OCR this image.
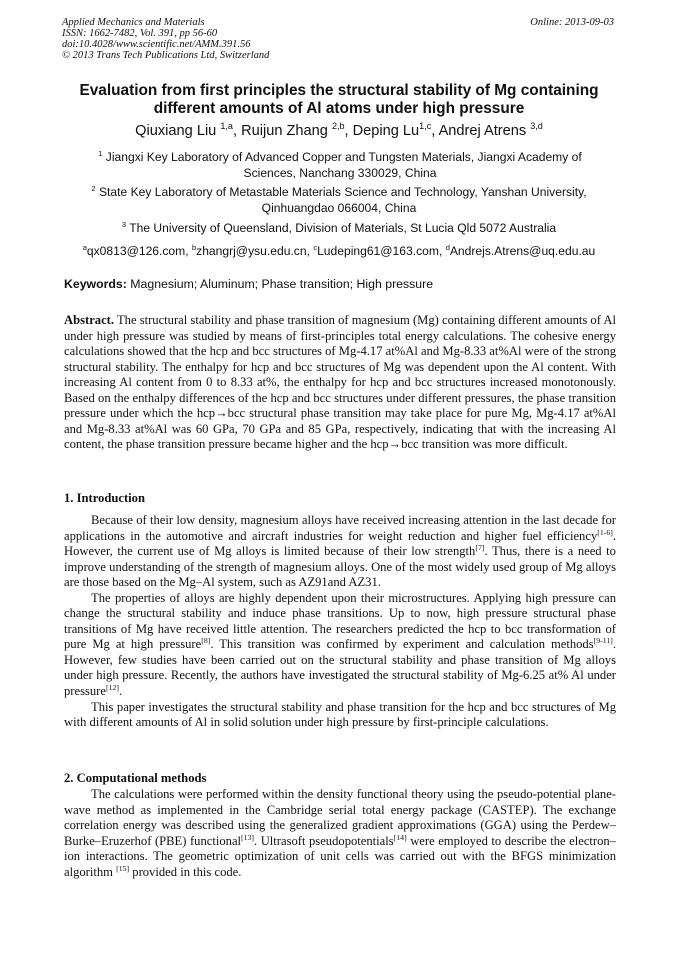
Applied Mechanics and Materials
ISSN: 1662-7482, Vol. 391, pp 56-60
doi:10.4028/www.scientific.net/AMM.391.56
© 2013 Trans Tech Publications Ltd, Switzerland
Online: 2013-09-03
Evaluation from first principles the structural stability of Mg containing different amounts of Al atoms under high pressure
Qiuxiang Liu $^{1,a}$, Ruijun Zhang $^{2,b}$, Deping Lu$^{1,c}$, Andrej Atrens $^{3,d}$
$^1$ Jiangxi Key Laboratory of Advanced Copper and Tungsten Materials, Jiangxi Academy of Sciences, Nanchang 330029, China
$^2$ State Key Laboratory of Metastable Materials Science and Technology, Yanshan University, Qinhuangdao 066004, China
$^3$ The University of Queensland, Division of Materials, St Lucia Qld 5072 Australia
$^a$qx0813@126.com, $^b$zhangrj@ysu.edu.cn, $^c$Ludeping61@163.com, $^d$Andrejs.Atrens@uq.edu.au
Keywords: Magnesium; Aluminum; Phase transition; High pressure

Abstract. The structural stability and phase transition of magnesium (Mg) containing different amounts of Al under high pressure was studied by means of first-principles total energy calculations. The cohesive energy calculations showed that the hcp and bcc structures of Mg-4.17 at%Al and Mg-8.33 at%Al were of the strong structural stability. The enthalpy for hcp and bcc structures of Mg was dependent upon the Al content. With increasing Al content from 0 to 8.33 at%, the enthalpy for hcp and bcc structures increased monotonously. Based on the enthalpy differences of the hcp and bcc structures under different pressures, the phase transition pressure under which the hcp→bcc structural phase transition may take place for pure Mg, Mg-4.17 at%Al and Mg-8.33 at%Al was 60 GPa, 70 GPa and 85 GPa, respectively, indicating that with the increasing Al content, the phase transition pressure became higher and the hcp→bcc transition was more difficult.

1. Introduction

Because of their low density, magnesium alloys have received increasing attention in the last decade for applications in the automotive and aircraft industries for weight reduction and higher fuel efficiency[1-6]. However, the current use of Mg alloys is limited because of their low strength[7]. Thus, there is a need to improve understanding of the strength of magnesium alloys. One of the most widely used group of Mg alloys are those based on the Mg–Al system, such as AZ91and AZ31.

The properties of alloys are highly dependent upon their microstructures. Applying high pressure can change the structural stability and induce phase transitions. Up to now, high pressure structural phase transitions of Mg have received little attention. The researchers predicted the hcp to bcc transformation of pure Mg at high pressure[8]. This transition was confirmed by experiment and calculation methods[9-11]. However, few studies have been carried out on the structural stability and phase transition of Mg alloys under high pressure. Recently, the authors have investigated the structural stability of Mg-6.25 at% Al under pressure[12].

This paper investigates the structural stability and phase transition for the hcp and bcc structures of Mg with different amounts of Al in solid solution under high pressure by first-principle calculations.

2. Computational methods

The calculations were performed within the density functional theory using the pseudo-potential plane-wave method as implemented in the Cambridge serial total energy package (CASTEP). The exchange correlation energy was described using the generalized gradient approximations (GGA) using the Perdew–Burke–Eruzerhof (PBE) functional[13]. Ultrasoft pseudopotentials[14] were employed to describe the electron–ion interactions. The geometric optimization of unit cells was carried out with the BFGS minimization algorithm [15] provided in this code.
